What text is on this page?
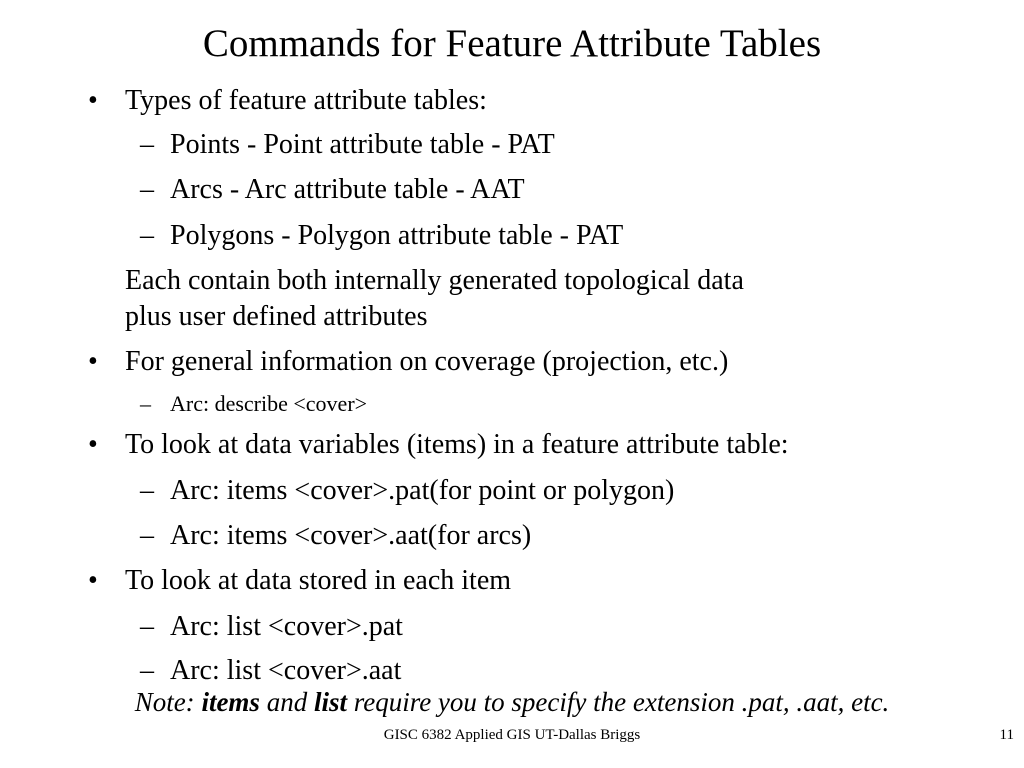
Commands for Feature Attribute Tables
• Types of feature attribute tables:
– Points - Point attribute table - PAT
– Arcs - Arc attribute table - AAT
– Polygons - Polygon attribute table - PAT
Each contain both internally generated topological data
plus user defined attributes
• For general information on coverage (projection, etc.)
– Arc: describe <cover>
• To look at data variables (items) in a feature attribute table:
– Arc: items <cover>.pat(for point or polygon)
– Arc: items <cover>.aat(for arcs)
• To look at data stored in each item
– Arc: list <cover>.pat
– Arc: list <cover>.aat
Note: items and list require you to specify the extension .pat, .aat, etc.
GISC 6382 Applied GIS UT-Dallas Briggs	11
